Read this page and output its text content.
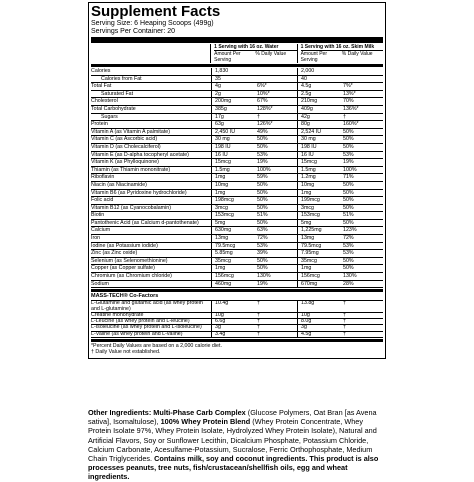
Supplement Facts
Serving Size: 6 Heaping Scoops (499g)
Servings Per Container: 20
1 Serving with 16 oz. Water
Amount Per Serving
% Daily Value
1 Serving with 16 oz. Skim Milk
Amount Per Serving
% Daily Value
Calories	1,830	2,000
Calories from Fat	35	40
Total Fat	4g	6%*	4.5g	7%*
Saturated Fat	2g	10%*	2.5g	13%*
Cholesterol	200mg	67%	210mg	70%
Total Carbohydrate	385g	128%*	409g	136%*
Sugars	17g	†	42g	†
Protein	63g	126%*	80g	160%*
Vitamin A (as Vitamin A palmitate)	2,450 IU	49%	2,524 IU	50%
Vitamin C (as Ascorbic acid)	30 mg	50%	30 mg	50%
Vitamin D (as Cholecalciferol)	198 IU	50%	198 IU	50%
Vitamin E (as D-alpha tocopheryl acetate)	16 IU	53%	16 IU	53%
Vitamin K (as Phylloquinone)	15mcg	19%	15mcg	19%
Thiamin (as Thiamin mononitrate)	1.5mg	100%	1.5mg	100%
Riboflavin	1mg	59%	1.2mg	71%
Niacin (as Niacinamide)	10mg	50%	10mg	50%
Vitamin B6 (as Pyridoxine hydrochloride)	1mg	50%	1mg	50%
Folic acid	198mcg	50%	199mcg	50%
Vitamin B12 (as Cyanocobalamin)	3mcg	50%	3mcg	50%
Biotin	153mcg	51%	153mcg	51%
Pantothenic Acid (as Calcium d-pantothenate)	5mg	50%	5mg	50%
Calcium	630mg	63%	1,225mg	123%
Iron	13mg	72%	13mg	72%
Iodine (as Potassium iodide)	79.5mcg	53%	79.5mcg	53%
Zinc (as Zinc oxide)	5.85mg	39%	7.95mg	53%
Selenium (as Selenomethionine)	35mcg	50%	35mcg	50%
Copper (as Copper sulfate)	1mg	50%	1mg	50%
Chromium (as Chromium chloride)	156mcg	130%	156mcg	130%
Sodium	460mg	19%	670mg	28%
MASS-TECH® Co-Factors
L-Glutamine and glutamic acid (as whey protein and L-glutamine)
10.4g	†	13.8g	†
Creatine monohydrate	10g	†	10g	†
L-Leucine (as whey protein and L-leucine)	6.6g	†	8.0g	†
L-Isoleucine (as whey protein and L-isoleucine)	3g	†	3g	†
L-Valine (as whey protein and L-valine)	3.4g	†	4.5g	†
*Percent Daily Values are based on a 2,000 calorie diet.
† Daily Value not established.
Other Ingredients: Multi-Phase Carb Complex (Glucose Polymers, Oat Bran [as Avena sativa], Isomaltulose), 100% Whey Protein Blend (Whey Protein Concentrate, Whey Protein Isolate 97%, Whey Protein Isolate, Hydrolyzed Whey Protein Isolate), Natural and Artificial Flavors, Soy or Sunflower Lecithin, Dicalcium Phosphate, Potassium Chloride, Calcium Carbonate, Acesulfame-Potassium, Sucralose, Ferric Orthophosphate, Medium Chain Triglycerides. Contains milk, soy and coconut ingredients. This product is also processes peanuts, tree nuts, fish/crustacean/shellfish oils, egg and wheat ingredients.
